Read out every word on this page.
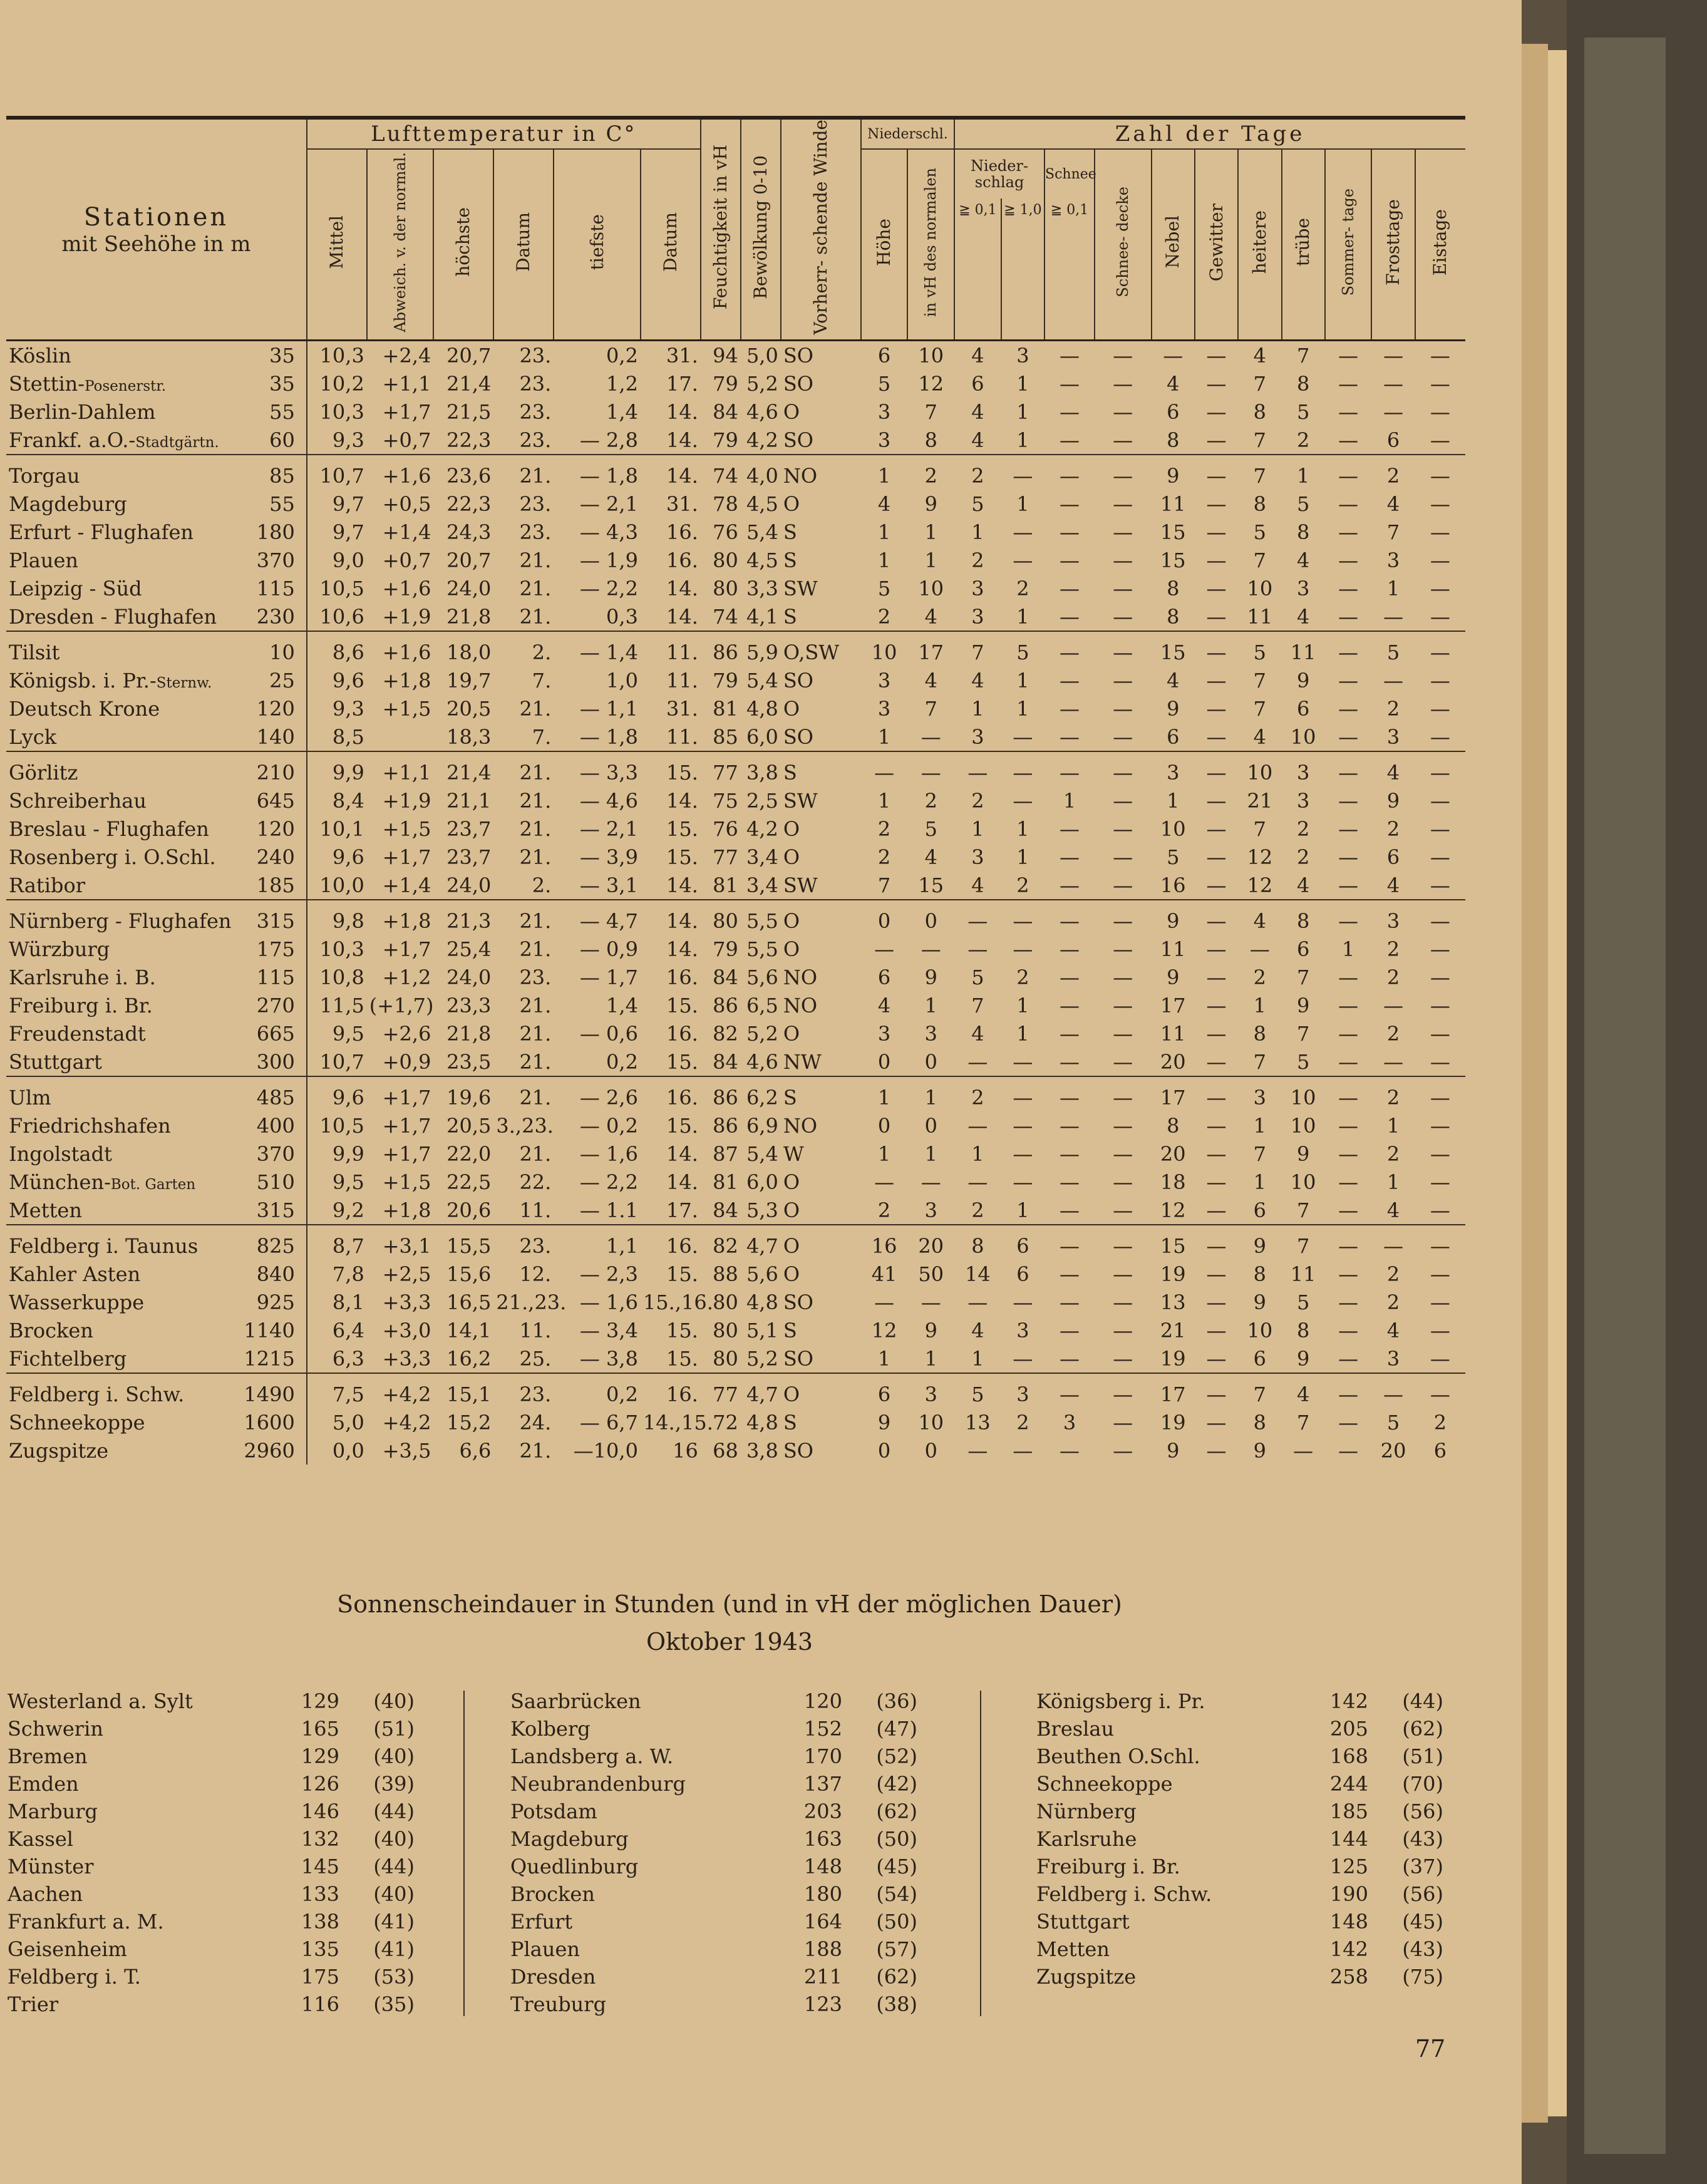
Stationen
mit Seehöhe in m		Lufttemperatur in C°						Feuchtigkeit in vH	Bewölkung 0-10	Vorherr- schende Winde	Niederschl.		Zahl der Tage										
		Mittel	Abweich. v. der normal.	höchste	Datum	tiefste	Datum				Höhe	in vH des normalen	Nieder- schlag		Schnee	Schnee- decke	Nebel	Gewitter	heitere	trübe	Sommer- tage	Frosttage	Eistage
													≧ 0,1	≧ 1,0	≧ 0,1								
Köslin	35	10,3	+2,4	20,7	23.	0,2	31.	94	5,0	SO	6	10	4	3	—	—	—	—	4	7	—	—	—
Stettin-Posenerstr.	35	10,2	+1,1	21,4	23.	1,2	17.	79	5,2	SO	5	12	6	1	—	—	4	—	7	8	—	—	—
Berlin-Dahlem	55	10,3	+1,7	21,5	23.	1,4	14.	84	4,6	O	3	7	4	1	—	—	6	—	8	5	—	—	—
Frankf. a.O.-Stadtgärtn.	60	9,3	+0,7	22,3	23.	— 2,8	14.	79	4,2	SO	3	8	4	1	—	—	8	—	7	2	—	6	—
Torgau	85	10,7	+1,6	23,6	21.	— 1,8	14.	74	4,0	NO	1	2	2	—	—	—	9	—	7	1	—	2	—
Magdeburg	55	9,7	+0,5	22,3	23.	— 2,1	31.	78	4,5	O	4	9	5	1	—	—	11	—	8	5	—	4	—
Erfurt - Flughafen	180	9,7	+1,4	24,3	23.	— 4,3	16.	76	5,4	S	1	1	1	—	—	—	15	—	5	8	—	7	—
Plauen	370	9,0	+0,7	20,7	21.	— 1,9	16.	80	4,5	S	1	1	2	—	—	—	15	—	7	4	—	3	—
Leipzig - Süd	115	10,5	+1,6	24,0	21.	— 2,2	14.	80	3,3	SW	5	10	3	2	—	—	8	—	10	3	—	1	—
Dresden - Flughafen	230	10,6	+1,9	21,8	21.	0,3	14.	74	4,1	S	2	4	3	1	—	—	8	—	11	4	—	—	—
Tilsit	10	8,6	+1,6	18,0	2.	— 1,4	11.	86	5,9	O,SW	10	17	7	5	—	—	15	—	5	11	—	5	—
Königsb. i. Pr.-Sternw.	25	9,6	+1,8	19,7	7.	1,0	11.	79	5,4	SO	3	4	4	1	—	—	4	—	7	9	—	—	—
Deutsch Krone	120	9,3	+1,5	20,5	21.	— 1,1	31.	81	4,8	O	3	7	1	1	—	—	9	—	7	6	—	2	—
Lyck	140	8,5		18,3	7.	— 1,8	11.	85	6,0	SO	1	—	3	—	—	—	6	—	4	10	—	3	—
Görlitz	210	9,9	+1,1	21,4	21.	— 3,3	15.	77	3,8	S	—	—	—	—	—	—	3	—	10	3	—	4	—
Schreiberhau	645	8,4	+1,9	21,1	21.	— 4,6	14.	75	2,5	SW	1	2	2	—	1	—	1	—	21	3	—	9	—
Breslau - Flughafen	120	10,1	+1,5	23,7	21.	— 2,1	15.	76	4,2	O	2	5	1	1	—	—	10	—	7	2	—	2	—
Rosenberg i. O.Schl.	240	9,6	+1,7	23,7	21.	— 3,9	15.	77	3,4	O	2	4	3	1	—	—	5	—	12	2	—	6	—
Ratibor	185	10,0	+1,4	24,0	2.	— 3,1	14.	81	3,4	SW	7	15	4	2	—	—	16	—	12	4	—	4	—
Nürnberg - Flughafen	315	9,8	+1,8	21,3	21.	— 4,7	14.	80	5,5	O	0	0	—	—	—	—	9	—	4	8	—	3	—
Würzburg	175	10,3	+1,7	25,4	21.	— 0,9	14.	79	5,5	O	—	—	—	—	—	—	11	—	—	6	1	2	—
Karlsruhe i. B.	115	10,8	+1,2	24,0	23.	— 1,7	16.	84	5,6	NO	6	9	5	2	—	—	9	—	2	7	—	2	—
Freiburg i. Br.	270	11,5	(+1,7)	23,3	21.	1,4	15.	86	6,5	NO	4	1	7	1	—	—	17	—	1	9	—	—	—
Freudenstadt	665	9,5	+2,6	21,8	21.	— 0,6	16.	82	5,2	O	3	3	4	1	—	—	11	—	8	7	—	2	—
Stuttgart	300	10,7	+0,9	23,5	21.	0,2	15.	84	4,6	NW	0	0	—	—	—	—	20	—	7	5	—	—	—
Ulm	485	9,6	+1,7	19,6	21.	— 2,6	16.	86	6,2	S	1	1	2	—	—	—	17	—	3	10	—	2	—
Friedrichshafen	400	10,5	+1,7	20,5	3.,23.	— 0,2	15.	86	6,9	NO	0	0	—	—	—	—	8	—	1	10	—	1	—
Ingolstadt	370	9,9	+1,7	22,0	21.	— 1,6	14.	87	5,4	W	1	1	1	—	—	—	20	—	7	9	—	2	—
München-Bot. Garten	510	9,5	+1,5	22,5	22.	— 2,2	14.	81	6,0	O	—	—	—	—	—	—	18	—	1	10	—	1	—
Metten	315	9,2	+1,8	20,6	11.	— 1.1	17.	84	5,3	O	2	3	2	1	—	—	12	—	6	7	—	4	—
Feldberg i. Taunus	825	8,7	+3,1	15,5	23.	1,1	16.	82	4,7	O	16	20	8	6	—	—	15	—	9	7	—	—	—
Kahler Asten	840	7,8	+2,5	15,6	12.	— 2,3	15.	88	5,6	O	41	50	14	6	—	—	19	—	8	11	—	2	—
Wasserkuppe	925	8,1	+3,3	16,5	21.,23.	— 1,6	15.,16.	80	4,8	SO	—	—	—	—	—	—	13	—	9	5	—	2	—
Brocken	1140	6,4	+3,0	14,1	11.	— 3,4	15.	80	5,1	S	12	9	4	3	—	—	21	—	10	8	—	4	—
Fichtelberg	1215	6,3	+3,3	16,2	25.	— 3,8	15.	80	5,2	SO	1	1	1	—	—	—	19	—	6	9	—	3	—
Feldberg i. Schw.	1490	7,5	+4,2	15,1	23.	0,2	16.	77	4,7	O	6	3	5	3	—	—	17	—	7	4	—	—	—
Schneekoppe	1600	5,0	+4,2	15,2	24.	— 6,7	14.,15.	72	4,8	S	9	10	13	2	3	—	19	—	8	7	—	5	2
Zugspitze	2960	0,0	+3,5	6,6	21.	—10,0	16	68	3,8	SO	0	0	—	—	—	—	9	—	9	—	—	20	6
Sonnenscheindauer in Stunden (und in vH der möglichen Dauer)
Oktober 1943
Westerland a. Sylt	129	(40)
Schwerin	165	(51)
Bremen	129	(40)
Emden	126	(39)
Marburg	146	(44)
Kassel	132	(40)
Münster	145	(44)
Aachen	133	(40)
Frankfurt a. M.	138	(41)
Geisenheim	135	(41)
Feldberg i. T.	175	(53)
Trier	116	(35)
Saarbrücken	120	(36)
Kolberg	152	(47)
Landsberg a. W.	170	(52)
Neubrandenburg	137	(42)
Potsdam	203	(62)
Magdeburg	163	(50)
Quedlinburg	148	(45)
Brocken	180	(54)
Erfurt	164	(50)
Plauen	188	(57)
Dresden	211	(62)
Treuburg	123	(38)
Königsberg i. Pr.	142	(44)
Breslau	205	(62)
Beuthen O.Schl.	168	(51)
Schneekoppe	244	(70)
Nürnberg	185	(56)
Karlsruhe	144	(43)
Freiburg i. Br.	125	(37)
Feldberg i. Schw.	190	(56)
Stuttgart	148	(45)
Metten	142	(43)
Zugspitze	258	(75)
77
